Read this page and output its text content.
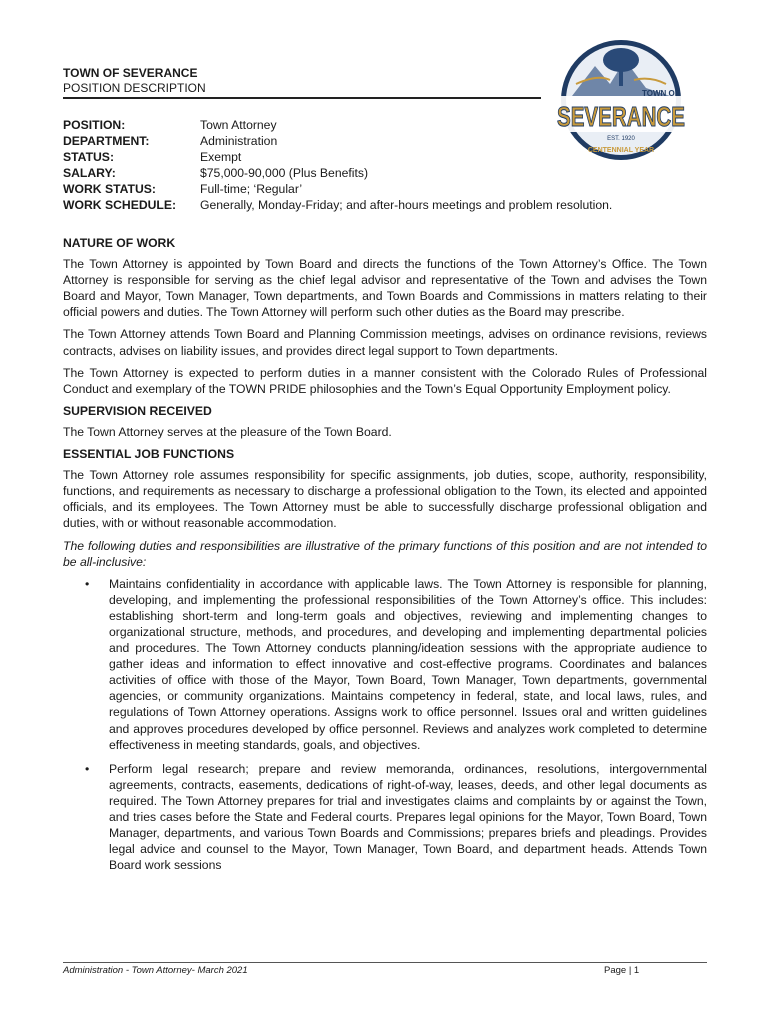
TOWN OF SEVERANCE
POSITION DESCRIPTION	TOWN OF
SEVERANCE
EST. 1920
CENTENNIAL YEAR
POSITION:	Town Attorney
DEPARTMENT:	Administration
STATUS:	Exempt
SALARY:	$75,000-90,000 (Plus Benefits)
WORK STATUS:	Full-time; ‘Regular’
WORK SCHEDULE:	Generally, Monday-Friday; and after-hours meetings and problem resolution.
NATURE OF WORK

The Town Attorney is appointed by Town Board and directs the functions of the Town Attorney’s Office. The Town Attorney is responsible for serving as the chief legal advisor and representative of the Town and advises the Town Board and Mayor, Town Manager, Town departments, and Town Boards and Commissions in matters relating to their official powers and duties. The Town Attorney will perform such other duties as the Board may prescribe.

The Town Attorney attends Town Board and Planning Commission meetings, advises on ordinance revisions, reviews contracts, advises on liability issues, and provides direct legal support to Town departments.

The Town Attorney is expected to perform duties in a manner consistent with the Colorado Rules of Professional Conduct and exemplary of the TOWN PRIDE philosophies and the Town’s Equal Opportunity Employment policy.

SUPERVISION RECEIVED

The Town Attorney serves at the pleasure of the Town Board.

ESSENTIAL JOB FUNCTIONS

The Town Attorney role assumes responsibility for specific assignments, job duties, scope, authority, responsibility, functions, and requirements as necessary to discharge a professional obligation to the Town, its elected and appointed officials, and its employees. The Town Attorney must be able to successfully discharge professional obligation and duties, with or without reasonable accommodation.

The following duties and responsibilities are illustrative of the primary functions of this position and are not intended to be all-inclusive:

• Maintains confidentiality in accordance with applicable laws. The Town Attorney is responsible for planning, developing, and implementing the professional responsibilities of the Town Attorney’s office. This includes: establishing short-term and long-term goals and objectives, reviewing and implementing changes to organizational structure, methods, and procedures, and developing and implementing departmental policies and procedures. The Town Attorney conducts planning/ideation sessions with the appropriate audience to gather ideas and information to effect innovative and cost-effective programs. Coordinates and balances activities of office with those of the Mayor, Town Board, Town Manager, Town departments, governmental agencies, or community organizations. Maintains competency in federal, state, and local laws, rules, and regulations of Town Attorney operations. Assigns work to office personnel. Issues oral and written guidelines and approves procedures developed by office personnel. Reviews and analyzes work completed to determine effectiveness in meeting standards, goals, and objectives.
• Perform legal research; prepare and review memoranda, ordinances, resolutions, intergovernmental agreements, contracts, easements, dedications of right-of-way, leases, deeds, and other legal documents as required. The Town Attorney prepares for trial and investigates claims and complaints by or against the Town, and tries cases before the State and Federal courts. Prepares legal opinions for the Mayor, Town Board, Town Manager, departments, and various Town Boards and Commissions; prepares briefs and pleadings. Provides legal advice and counsel to the Mayor, Town Manager, Town Board, and department heads. Attends Town Board work sessions
Administration - Town Attorney- March 2021	Page | 1
